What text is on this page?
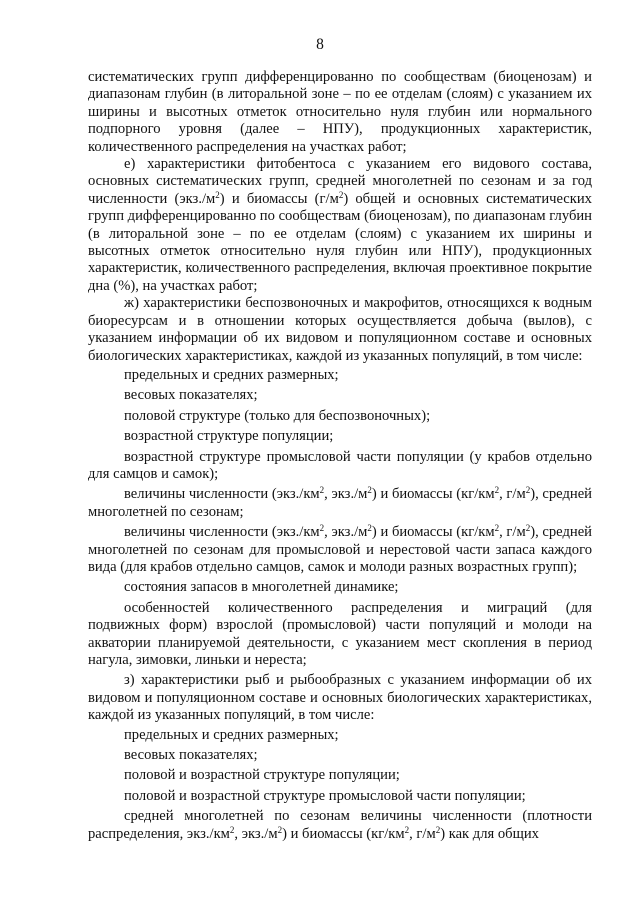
8

систематических групп дифференцированно по сообществам (биоценозам) и диапазонам глубин (в литоральной зоне – по ее отделам (слоям) с указанием их ширины и высотных отметок относительно нуля глубин или нормального подпорного уровня (далее – НПУ), продукционных характеристик, количественного распределения на участках работ;

е) характеристики фитобентоса с указанием его видового состава, основных систематических групп, средней многолетней по сезонам и за год численности $(экз./м^2)$ и биомассы $(г/м^2)$ общей и основных систематических групп дифференцированно по сообществам (биоценозам), по диапазонам глубин (в литоральной зоне – по ее отделам (слоям) с указанием их ширины и высотных отметок относительно нуля глубин или НПУ), продукционных характеристик, количественного распределения, включая проективное покрытие дна (%), на участках работ;

ж) характеристики беспозвоночных и макрофитов, относящихся к водным биоресурсам и в отношении которых осуществляется добыча (вылов), с указанием информации об их видовом и популяционном составе и основных биологических характеристиках, каждой из указанных популяций, в том числе:

предельных и средних размерных;

весовых показателях;

половой структуре (только для беспозвоночных);

возрастной структуре популяции;

возрастной структуре промысловой части популяции (у крабов отдельно для самцов и самок);

величины численности ($экз./км^2$, $экз./м^2$) и биомассы ($кг/км^2$, $г/м^2$), средней многолетней по сезонам;

величины численности ($экз./км^2$, $экз./м^2$) и биомассы ($кг/км^2$, $г/м^2$), средней многолетней по сезонам для промысловой и нерестовой части запаса каждого вида (для крабов отдельно самцов, самок и молоди разных возрастных групп);

состояния запасов в многолетней динамике;

особенностей количественного распределения и миграций (для подвижных форм) взрослой (промысловой) части популяций и молоди на акватории планируемой деятельности, с указанием мест скопления в период нагула, зимовки, линьки и нереста;

з) характеристики рыб и рыбообразных с указанием информации об их видовом и популяционном составе и основных биологических характеристиках, каждой из указанных популяций, в том числе:

предельных и средних размерных;

весовых показателях;

половой и возрастной структуре популяции;

половой и возрастной структуре промысловой части популяции;

средней многолетней по сезонам величины численности (плотности распределения, $экз./км^2$, $экз./м^2$) и биомассы ($кг/км^2$, $г/м^2$) как для общих
